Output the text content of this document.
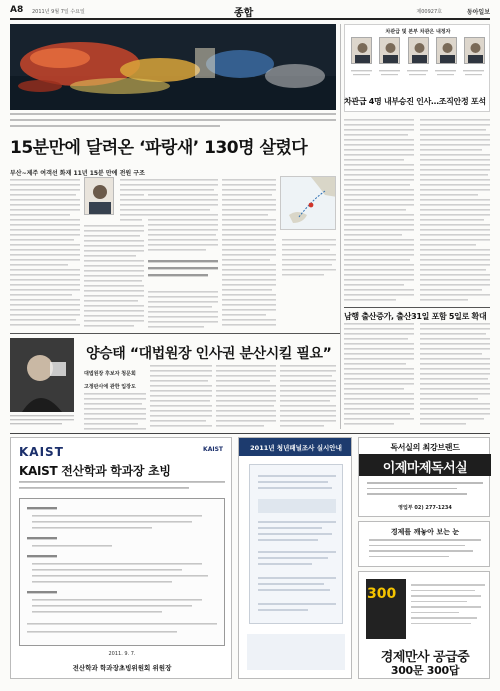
A8 2011년 9월 7일 수요일	종합	제00927호	동아일보
15분만에 달려온 ‘파랑새’ 130명 살렸다
부산~제주 여객선 화재 11년 15분 만에 전원 구조
차관급 및 본부 차관은 내정자
차관급 4명 내부승진 인사…조직안정 포석
남행 출산증가, 출산31일 포함 5일로 확대
양승태 “대법원장 인사권 분산시킬 필요”
대법원장 후보자 청문회
고정판사에 관한 입장도
KAIST	KAIST
KAIST 전산학과 학과장 초빙
2011. 9. 7.
전산학과 학과장초빙위원회 위원장
2011년 청년패널조사 실시안내	독서실의 최강브랜드
이제마제독서실
영업부 02) 277-1234
경제를 깨놓아 보는 눈
300
경제만사 공급중
300문 300답
